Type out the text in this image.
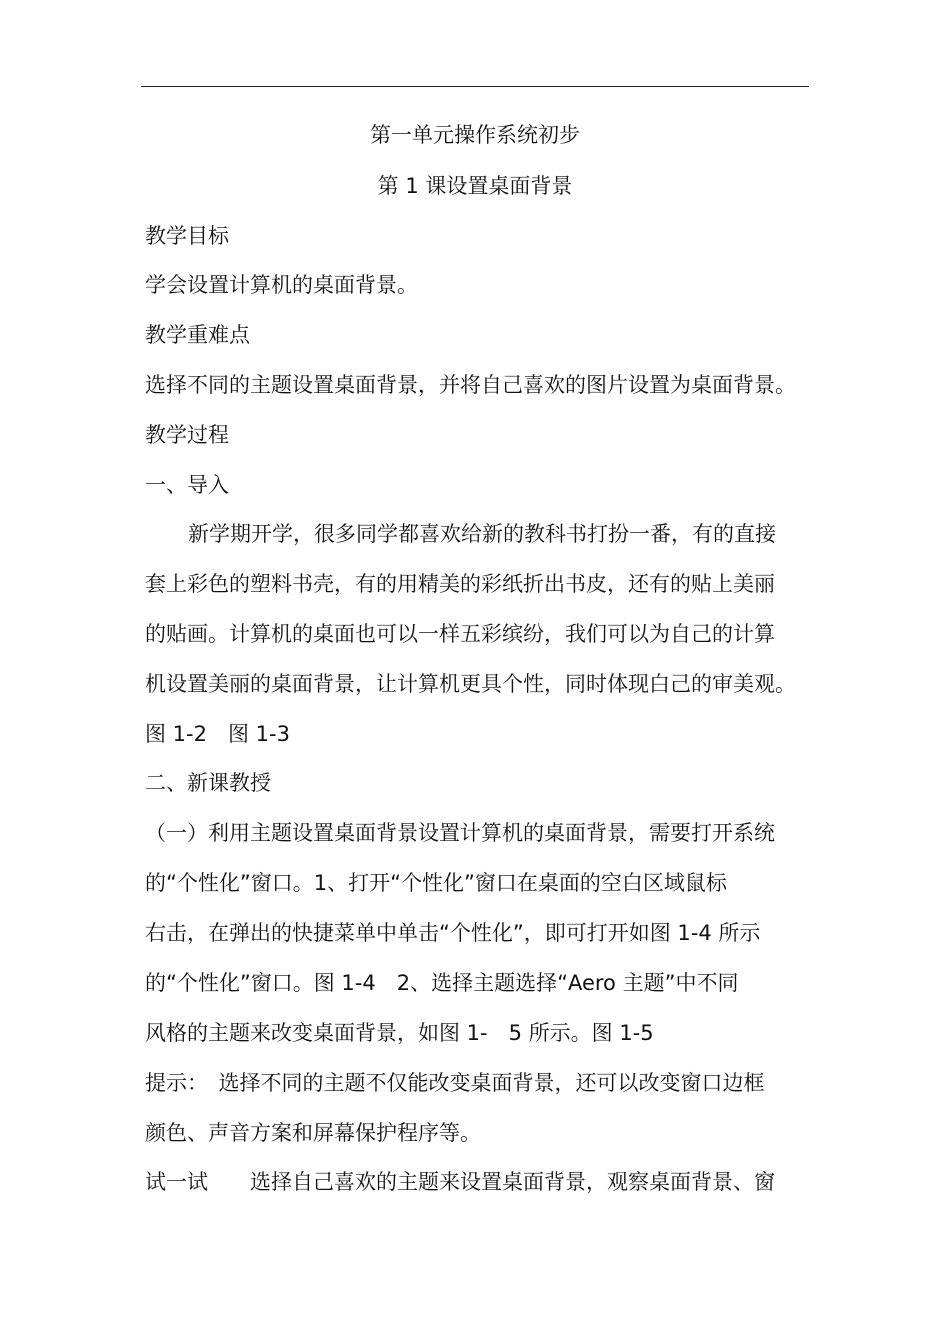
第一单元操作系统初步
第 1 课设置桌面背景
教学目标
学会设置计算机的桌面背景。
教学重难点
选择不同的主题设置桌面背景，并将自己喜欢的图片设置为桌面背景。
教学过程
一、导入
新学期开学，很多同学都喜欢给新的教科书打扮一番，有的直接
套上彩色的塑料书壳，有的用精美的彩纸折出书皮，还有的贴上美丽
的贴画。计算机的桌面也可以一样五彩缤纷，我们可以为自己的计算
机设置美丽的桌面背景，让计算机更具个性，同时体现白己的审美观。
图 1-2　图 1-3
二、新课教授
（一）利用主题设置桌面背景设置计算机的桌面背景，需要打开系统
的“个性化”窗口。1、打开“个性化”窗口在桌面的空白区域鼠标
右击，在弹出的快捷菜单中单击“个性化”，即可打开如图 1-4 所示
的“个性化”窗口。图 1-4　2、选择主题选择“Aero 主题”中不同
风格的主题来改变桌面背景，如图 1-　5 所示。图 1-5
提示：　选择不同的主题不仅能改变桌面背景，还可以改变窗口边框
颜色、声音方案和屏幕保护程序等。
试一试　　选择自己喜欢的主题来设置桌面背景，观察桌面背景、窗
